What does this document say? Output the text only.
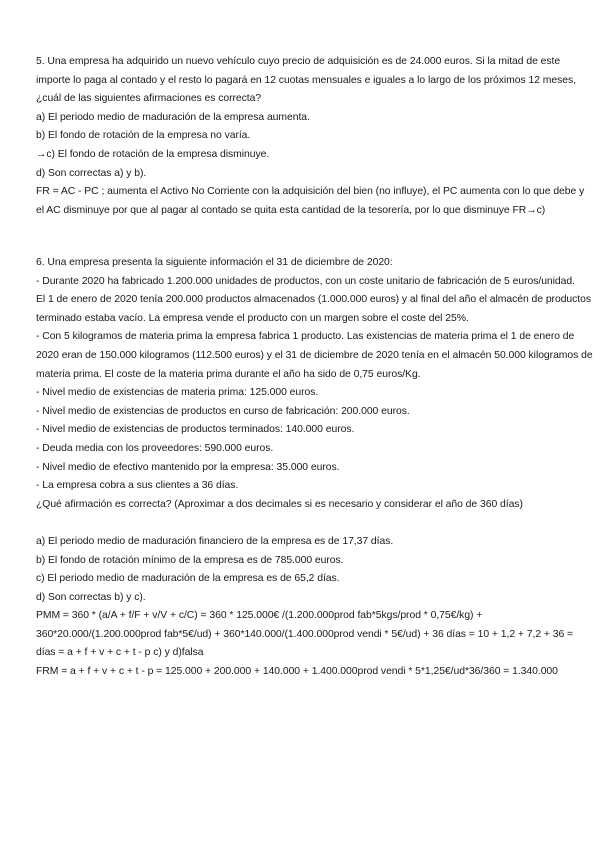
5. Una empresa ha adquirido un nuevo vehículo cuyo precio de adquisición es de 24.000 euros. Si la mitad de este
importe lo paga al contado y el resto lo pagará en 12 cuotas mensuales e iguales a lo largo de los próximos 12 meses,
¿cuál de las siguientes afirmaciones es correcta?
a) El periodo medio de maduración de la empresa aumenta.
b) El fondo de rotación de la empresa no varía.
→c) El fondo de rotación de la empresa disminuye.
d) Son correctas a) y b).
FR = AC - PC ; aumenta el Activo No Corriente con la adquisición del bien (no influye), el PC aumenta con lo que debe y
el AC disminuye por que al pagar al contado se quita esta cantidad de la tesorería, por lo que disminuye FR→c)
6. Una empresa presenta la siguiente información el 31 de diciembre de 2020:
- Durante 2020 ha fabricado 1.200.000 unidades de productos, con un coste unitario de fabricación de 5 euros/unidad.
El 1 de enero de 2020 tenía 200.000 productos almacenados (1.000.000 euros) y al final del año el almacén de productos
terminado estaba vacío. La empresa vende el producto con un margen sobre el coste del 25%.
- Con 5 kilogramos de materia prima la empresa fabrica 1 producto. Las existencias de materia prima el 1 de enero de
2020 eran de 150.000 kilogramos (112.500 euros) y el 31 de diciembre de 2020 tenía en el almacén 50.000 kilogramos de
materia prima. El coste de la materia prima durante el año ha sido de 0,75 euros/Kg.
- Nivel medio de existencias de materia prima: 125.000 euros.
- Nivel medio de existencias de productos en curso de fabricación: 200.000 euros.
- Nivel medio de existencias de productos terminados: 140.000 euros.
- Deuda media con los proveedores: 590.000 euros.
- Nivel medio de efectivo mantenido por la empresa: 35.000 euros.
- La empresa cobra a sus clientes a 36 días.
¿Qué afirmación es correcta? (Aproximar a dos decimales si es necesario y considerar el año de 360 días)
a) El periodo medio de maduración financiero de la empresa es de 17,37 días.
b) El fondo de rotación mínimo de la empresa es de 785.000 euros.
c) El periodo medio de maduración de la empresa es de 65,2 días.
d) Son correctas b) y c).
PMM = 360 * (a/A + f/F + v/V + c/C) = 360 * 125.000€ /(1.200.000prod fab*5kgs/prod * 0,75€/kg) +
360*20.000/(1.200.000prod fab*5€/ud) + 360*140.000/(1.400.000prod vendi * 5€/ud) + 36 días = 10 + 1,2 + 7,2 + 36 =
días = a + f + v + c + t - p c) y d)falsa
FRM = a + f + v + c + t - p = 125.000 + 200.000 + 140.000 + 1.400.000prod vendi * 5*1,25€/ud*36/360 = 1.340.000
